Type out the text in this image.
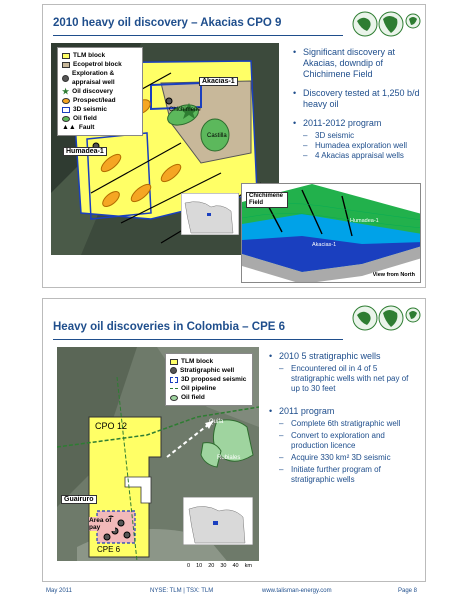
2010 heavy oil discovery – Akacias CPO 9
TLM block
Ecopetrol block
Exploration & appraisal well
★ Oil discovery
Prospect/lead
3D seismic
Oil field
▲▲ Fault
Akacias-1
Humadea-1
Chichimene
Castilla
• Significant discovery at Akacias, downdip of Chichimene Field
• Discovery tested at 1,250 b/d heavy oil
• 2011-2012 program
– 3D seismic
– Humadea exploration well
– 4 Akacias appraisal wells
Chichimene Field
Humadea-1
Akacias-1
View from North
Heavy oil discoveries in Colombia – CPE 6
TLM block
Stratigraphic well
3D proposed seismic
Oil pipeline
Oil field
CPO 12
Guairuro
Area of pay
CPE 6
Quifa
Rubiales
0 10 20 30 40 km
• 2010 5 stratigraphic wells
– Encountered oil in 4 of 5 stratigraphic wells with net pay of up to 30 feet
• 2011 program
– Complete 6th stratigraphic well
– Convert to exploration and production licence
– Acquire 330 km² 3D seismic
– Initiate further program of stratigraphic wells
May 2011	NYSE: TLM | TSX: TLM	www.talisman-energy.com	Page 8
